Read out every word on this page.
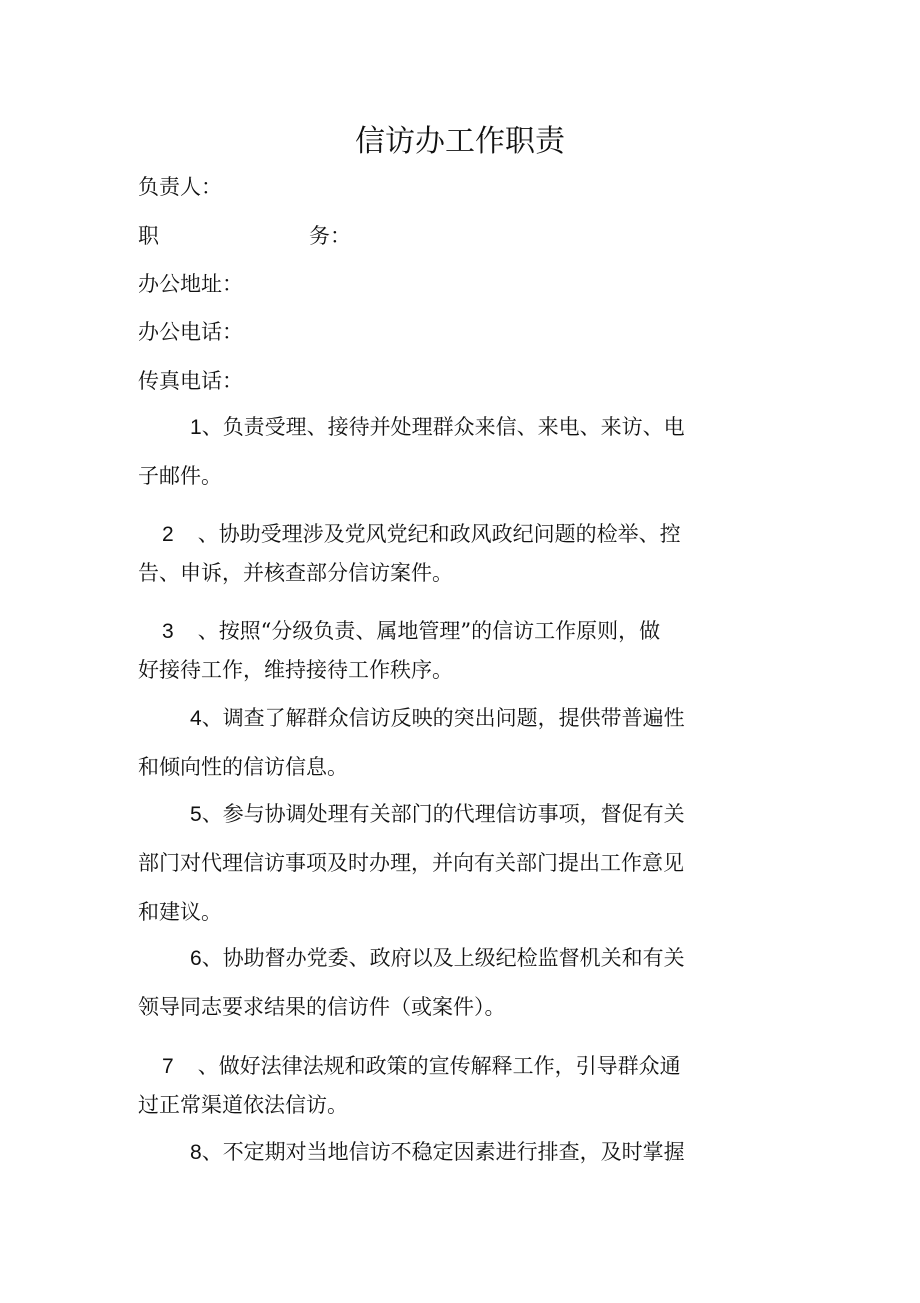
信访办工作职责
负责人：
职	务：
办公地址：
办公电话：
传真电话：
1、负责受理、接待并处理群众来信、来电、来访、电
子邮件。
2 、协助受理涉及党风党纪和政风政纪问题的检举、控
告、申诉，并核查部分信访案件。
3 、按照“分级负责、属地管理”的信访工作原则，做
好接待工作，维持接待工作秩序。
4、调查了解群众信访反映的突出问题，提供带普遍性
和倾向性的信访信息。
5、参与协调处理有关部门的代理信访事项，督促有关
部门对代理信访事项及时办理，并向有关部门提出工作意见
和建议。
6、协助督办党委、政府以及上级纪检监督机关和有关
领导同志要求结果的信访件（或案件）。
7 、做好法律法规和政策的宣传解释工作，引导群众通
过正常渠道依法信访。
8、不定期对当地信访不稳定因素进行排查，及时掌握
